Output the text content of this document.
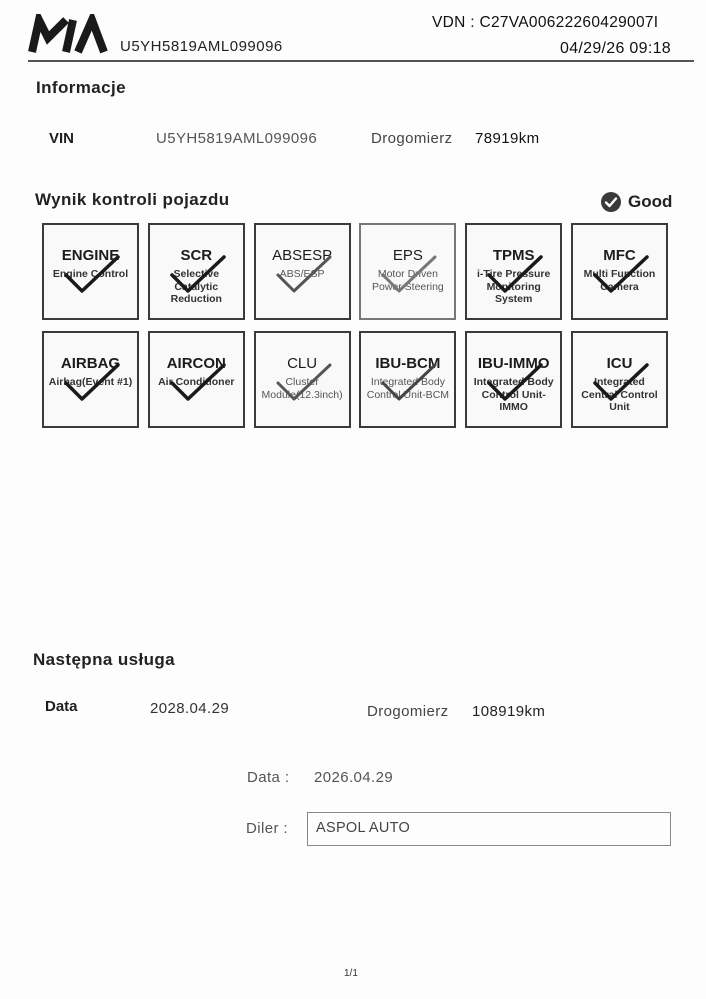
U5YH5819AML099096
VDN : C27VA00622260429007I
04/29/26 09:18
Informacje
VIN	U5YH5819AML099096	Drogomierz 78919km
Wynik kontroli pojazdu	Good
ENGINE
Engine Control
SCR
Selective Catalytic Reduction
ABSESP
ABS/ESP
EPS
Motor Driven Power Steering
TPMS
i-Tire Pressure Monitoring System
MFC
Multi Function Camera
AIRBAG
Airbag(Event #1)
AIRCON
Air Conditioner
CLU
Cluster Module(12.3inch)
IBU-BCM
Integrated Body Control Unit-BCM
IBU-IMMO
Integrated Body Control Unit-IMMO
ICU
Integrated Central Control Unit
Następna usługa
Data	2028.04.29	Drogomierz 108919km
Data : 2026.04.29
Diler : ASPOL AUTO
1/1
